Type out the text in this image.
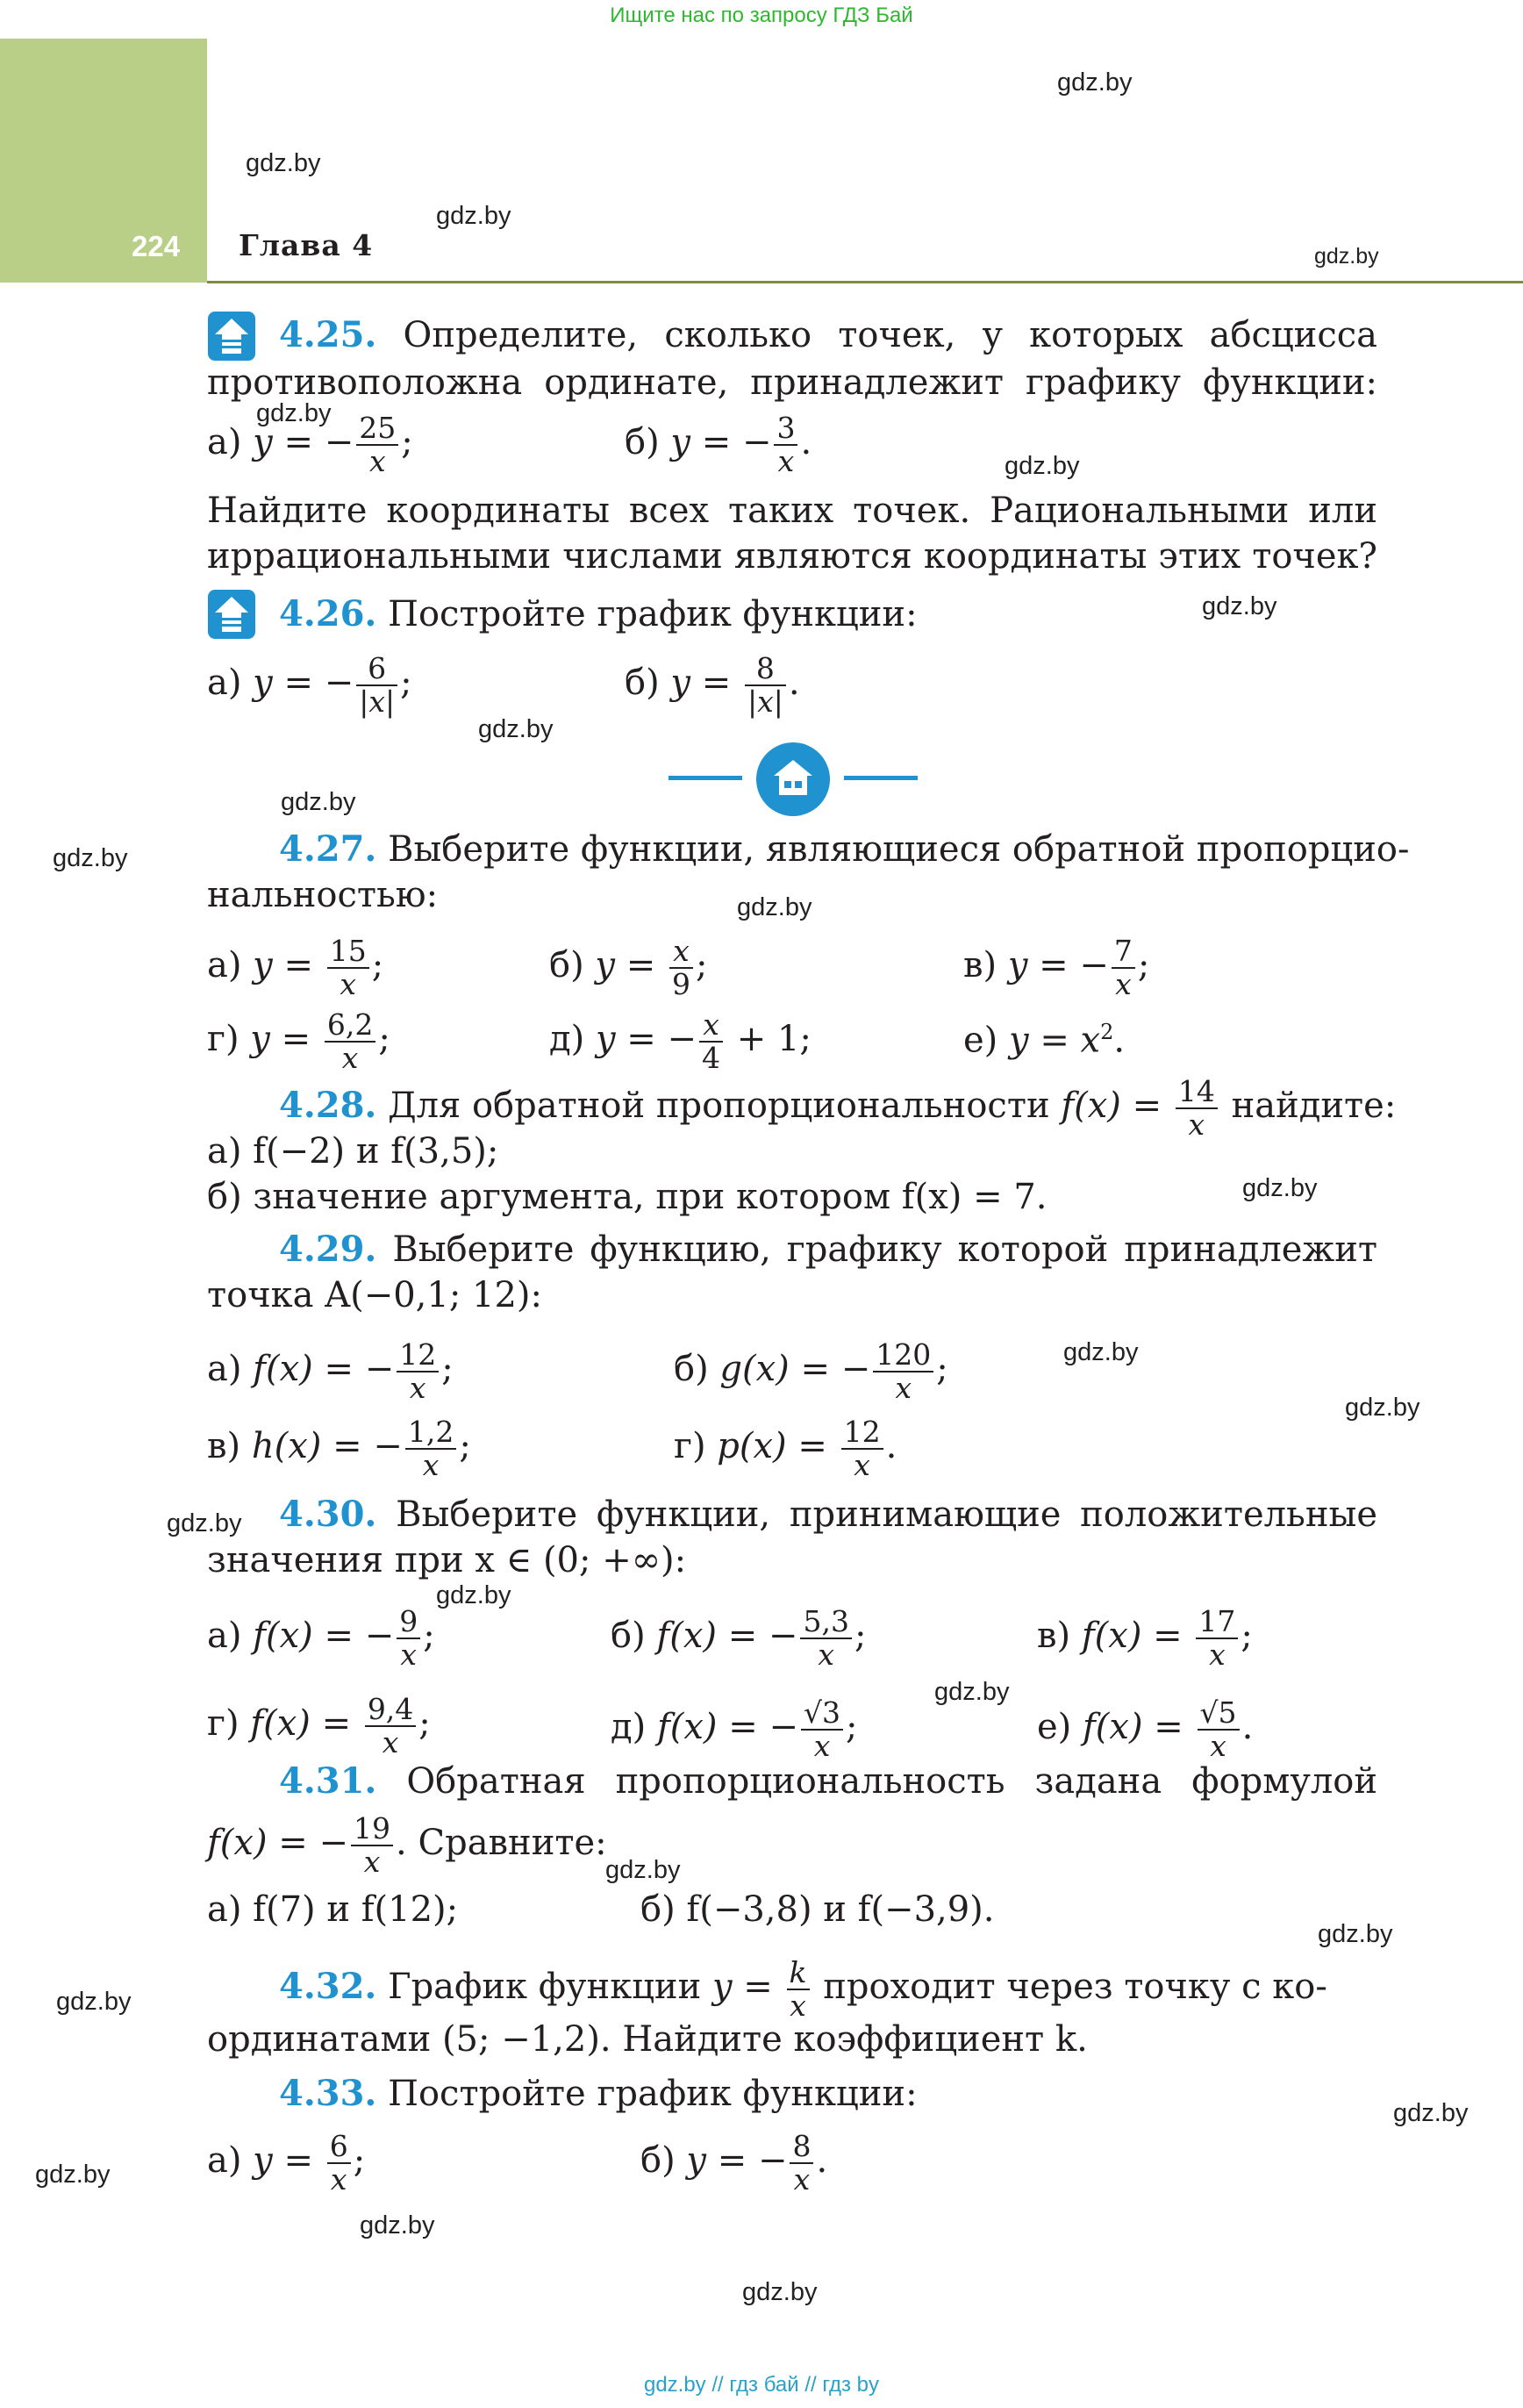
Ищите нас по запросу ГДЗ Бай
224 Глава 4
gdz.by
gdz.by
gdz.by
gdz.by
gdz.by
gdz.by
gdz.by
gdz.by
gdz.by
gdz.by
gdz.by
gdz.by
gdz.by
gdz.by
gdz.by
gdz.by
gdz.by
gdz.by
gdz.by
gdz.by
gdz.by
gdz.by
gdz.by
gdz.by
4.25. Определите, сколько точек, у которых абсцисса
противоположна ординате, принадлежит графику функции:
а) y = − $\frac{25}{x}$ ;	б) y = − $\frac{3}{x}$ .
Найдите координаты всех таких точек. Рациональными или
иррациональными числами являются координаты этих точек?
4.26. Постройте график функции:
а) y = − $\frac{6}{|x|}$ ;	б) $y = \frac{8}{|x|}$ .
4.27. Выберите функции, являющиеся обратной пропорцио-
нальностью:
а) $y = \frac{15}{x}$ ;	б) $y = \frac{x}{9}$ ;	в) y = − $\frac{7}{x}$ ;
г) $y = \frac{6,2}{x}$ ;	д) y = − $\frac{x}{4} + 1$;	е) $y = x^2$.
4.28. Для обратной пропорциональности $f(x) = \frac{14}{x}$ найдите:
а) f(−2) и f(3,5);
б) значение аргумента, при котором f(x) = 7.
4.29. Выберите функцию, графику которой принадлежит
точка A(−0,1; 12):
а) f(x) = − $\frac{12}{x}$ ;	б) g(x) = − $\frac{120}{x}$ ;
в) h(x) = − $\frac{1,2}{x}$ ;	г) $p(x) = \frac{12}{x}$ .
4.30. Выберите функции, принимающие положительные
значения при x ∈ (0; +∞):
а) f(x) = − $\frac{9}{x}$ ;	б) f(x) = − $\frac{5,3}{x}$ ;	в) $f(x) = \frac{17}{x}$ ;
г) $f(x) = \frac{9,4}{x}$ ;	д) f(x) = − $\frac{√3}{x}$ ;	е) $f(x) = \frac{√5}{x}$ .
4.31. Обратная пропорциональность задана формулой
f(x) = − $\frac{19}{x}$ . Сравните:
а) f(7) и f(12);	б) f(−3,8) и f(−3,9).
4.32. График функции $y = \frac{k}{x}$ проходит через точку с ко-
ординатами (5; −1,2). Найдите коэффициент k.
4.33. Постройте график функции:
а) $y = \frac{6}{x}$ ;	б) y = − $\frac{8}{x}$ .
gdz.by // гдз бай // гдз by
